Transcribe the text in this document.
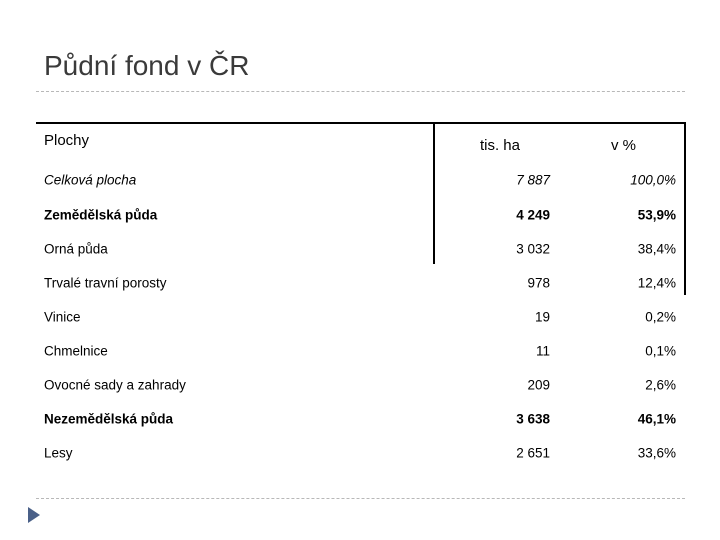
Půdní fond v ČR
Plochy	tis. ha	v %
Celková plocha	7 887	100,0%
Zemědělská půda	4 249	53,9%
Orná půda	3 032	38,4%
Trvalé travní porosty	978	12,4%
Vinice	19	0,2%
Chmelnice	11	0,1%
Ovocné sady a zahrady	209	2,6%
Nezemědělská půda	3 638	46,1%
Lesy	2 651	33,6%
